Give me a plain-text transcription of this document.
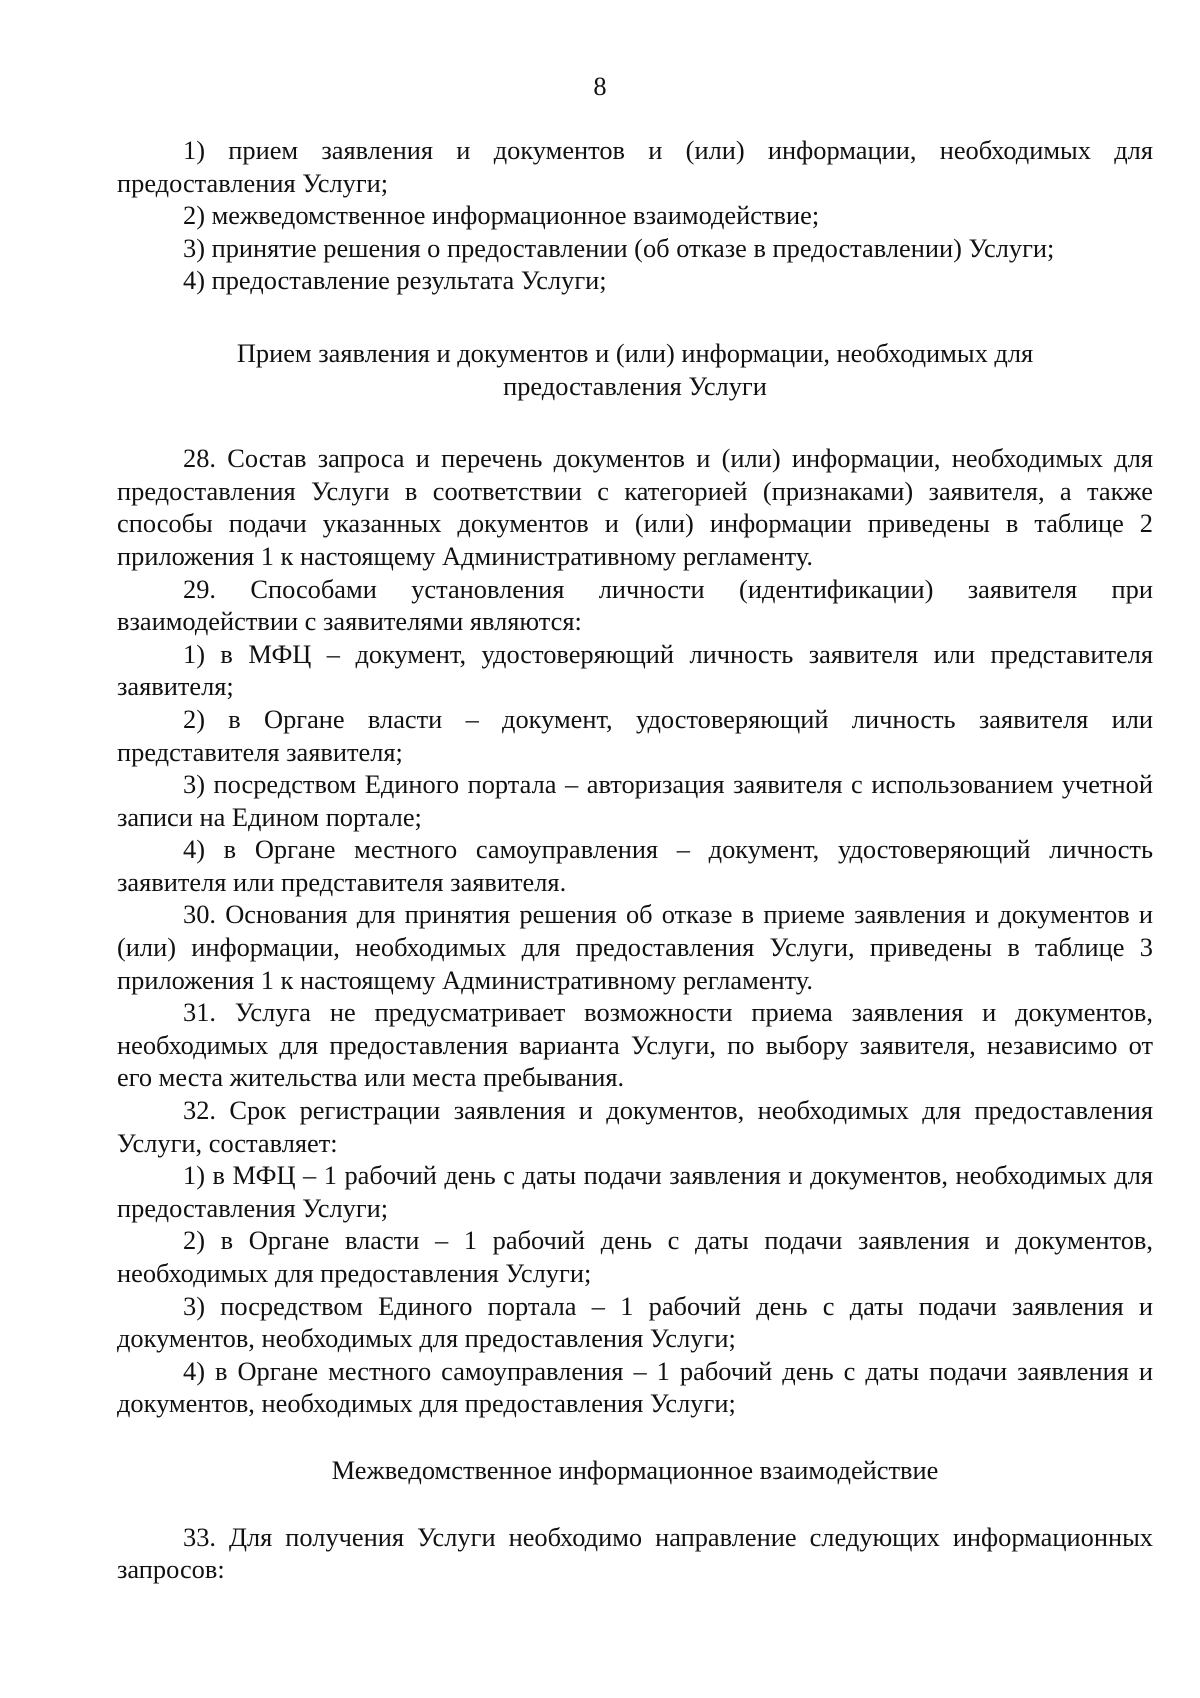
8

1) прием заявления и документов и (или) информации, необходимых для предоставления Услуги;

2) межведомственное информационное взаимодействие;

3) принятие решения о предоставлении (об отказе в предоставлении) Услуги;

4) предоставление результата Услуги;

Прием заявления и документов и (или) информации, необходимых для предоставления Услуги

28. Состав запроса и перечень документов и (или) информации, необходимых для предоставления Услуги в соответствии с категорией (признаками) заявителя, а также способы подачи указанных документов и (или) информации приведены в таблице 2 приложения 1 к настоящему Административному регламенту.

29. Способами установления личности (идентификации) заявителя при взаимодействии с заявителями являются:

1) в МФЦ – документ, удостоверяющий личность заявителя или представителя заявителя;

2) в Органе власти – документ, удостоверяющий личность заявителя или представителя заявителя;

3) посредством Единого портала – авторизация заявителя с использованием учетной записи на Едином портале;

4) в Органе местного самоуправления – документ, удостоверяющий личность заявителя или представителя заявителя.

30. Основания для принятия решения об отказе в приеме заявления и документов и (или) информации, необходимых для предоставления Услуги, приведены в таблице 3 приложения 1 к настоящему Административному регламенту.

31. Услуга не предусматривает возможности приема заявления и документов, необходимых для предоставления варианта Услуги, по выбору заявителя, независимо от его места жительства или места пребывания.

32. Срок регистрации заявления и документов, необходимых для предоставления Услуги, составляет:

1) в МФЦ – 1 рабочий день с даты подачи заявления и документов, необходимых для предоставления Услуги;

2) в Органе власти – 1 рабочий день с даты подачи заявления и документов, необходимых для предоставления Услуги;

3) посредством Единого портала – 1 рабочий день с даты подачи заявления и документов, необходимых для предоставления Услуги;

4) в Органе местного самоуправления – 1 рабочий день с даты подачи заявления и документов, необходимых для предоставления Услуги;

Межведомственное информационное взаимодействие

33. Для получения Услуги необходимо направление следующих информационных запросов:
